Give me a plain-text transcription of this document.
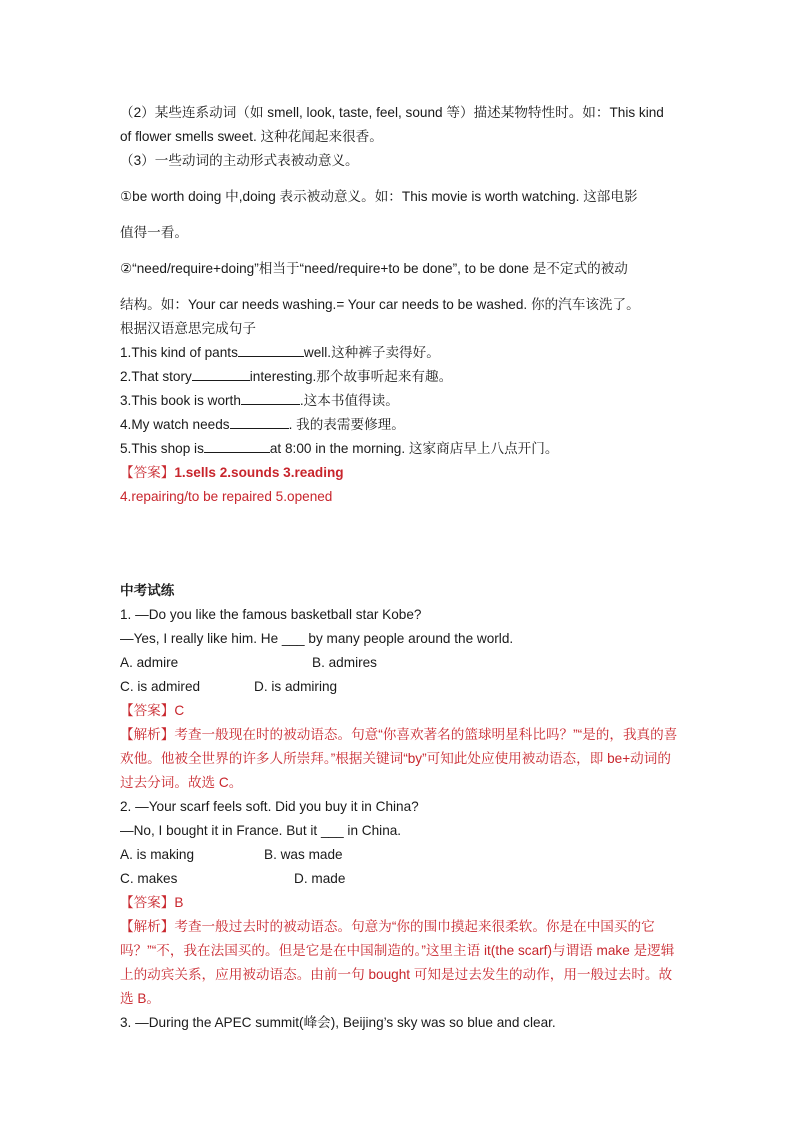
（2）某些连系动词（如 smell, look, taste, feel, sound 等）描述某物特性时。如：This kind
of flower smells sweet. 这种花闻起来很香。
（3）一些动词的主动形式表被动意义。
①be worth doing 中,doing 表示被动意义。如：This movie is worth watching. 这部电影
值得一看。
②“need/require+doing”相当于“need/require+to be done”, to be done 是不定式的被动
结构。如：Your car needs washing.= Your car needs to be washed. 你的汽车该洗了。
根据汉语意思完成句子
1.This kind of pants	well.这种裤子卖得好。
2.That story	interesting.那个故事听起来有趣。
3.This book is worth	.这本书值得读。
4.My watch needs	. 我的表需要修理。
5.This shop is	at 8:00 in the morning. 这家商店早上八点开门。
【答案】1.sells 2.sounds 3.reading
4.repairing/to be repaired 5.opened
中考试练
1. —Do you like the famous basketball star Kobe?
—Yes, I really like him. He ___ by many people around the world.
A. admire	B. admires
C. is admired	D. is admiring
【答案】C
【解析】考查一般现在时的被动语态。句意“你喜欢著名的篮球明星科比吗？”“是的，我真的喜欢他。他被全世界的许多人所崇拜。”根据关键词“by”可知此处应使用被动语态，即 be+动词的过去分词。故选 C。
2. —Your scarf feels soft. Did you buy it in China?
—No, I bought it in France. But it ___ in China.
A. is making	B. was made
C. makes	D. made
【答案】B
【解析】考查一般过去时的被动语态。句意为“你的围巾摸起来很柔软。你是在中国买的它吗？”“不，我在法国买的。但是它是在中国制造的。”这里主语 it(the scarf)与谓语 make 是逻辑上的动宾关系，应用被动语态。由前一句 bought 可知是过去发生的动作，用一般过去时。故选 B。
3. —During the APEC summit(峰会), Beijing’s sky was so blue and clear.
